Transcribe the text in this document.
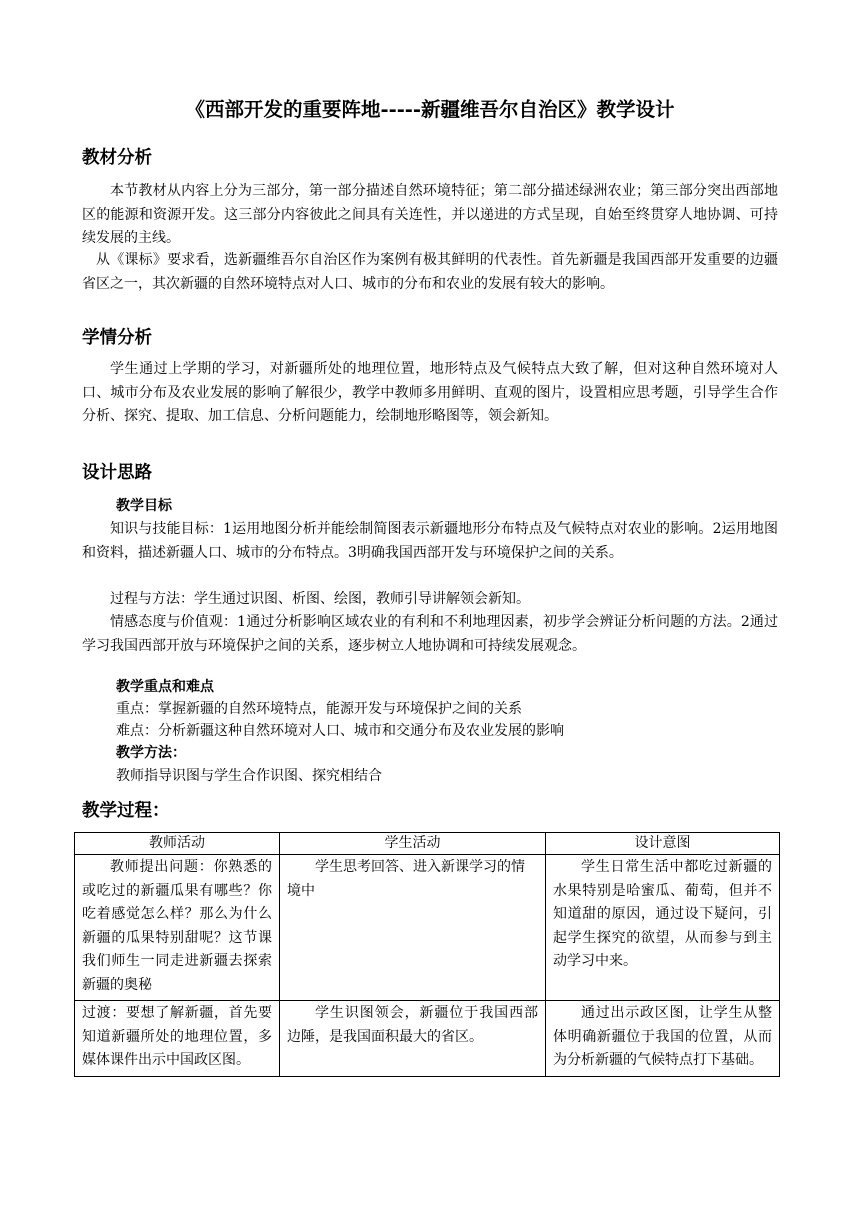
《西部开发的重要阵地-----新疆维吾尔自治区》教学设计
教材分析

本节教材从内容上分为三部分，第一部分描述自然环境特征；第二部分描述绿洲农业；第三部分突出西部地区的能源和资源开发。这三部分内容彼此之间具有关连性，并以递进的方式呈现，自始至终贯穿人地协调、可持续发展的主线。

从《课标》要求看，选新疆维吾尔自治区作为案例有极其鲜明的代表性。首先新疆是我国西部开发重要的边疆省区之一，其次新疆的自然环境特点对人口、城市的分布和农业的发展有较大的影响。

学情分析

学生通过上学期的学习，对新疆所处的地理位置，地形特点及气候特点大致了解，但对这种自然环境对人口、城市分布及农业发展的影响了解很少，教学中教师多用鲜明、直观的图片，设置相应思考题，引导学生合作分析、探究、提取、加工信息、分析问题能力，绘制地形略图等，领会新知。

设计思路
教学目标

知识与技能目标：1运用地图分析并能绘制简图表示新疆地形分布特点及气候特点对农业的影响。2运用地图和资料，描述新疆人口、城市的分布特点。3明确我国西部开发与环境保护之间的关系。

过程与方法：学生通过识图、析图、绘图，教师引导讲解领会新知。

情感态度与价值观：1通过分析影响区域农业的有利和不利地理因素，初步学会辨证分析问题的方法。2通过学习我国西部开放与环境保护之间的关系，逐步树立人地协调和可持续发展观念。

教学重点和难点
重点：掌握新疆的自然环境特点，能源开发与环境保护之间的关系
难点：分析新疆这种自然环境对人口、城市和交通分布及农业发展的影响
教学方法：
教师指导识图与学生合作识图、探究相结合
教学过程：
教师活动	学生活动	设计意图
教师提出问题：你熟悉的或吃过的新疆瓜果有哪些？你吃着感觉怎么样？那么为什么新疆的瓜果特别甜呢？这节课我们师生一同走进新疆去探索新疆的奥秘	学生思考回答、进入新课学习的情境中	学生日常生活中都吃过新疆的水果特别是哈蜜瓜、葡萄，但并不知道甜的原因，通过设下疑问，引起学生探究的欲望，从而参与到主动学习中来。
过渡：要想了解新疆，首先要知道新疆所处的地理位置，多媒体课件出示中国政区图。	学生识图领会，新疆位于我国西部边陲，是我国面积最大的省区。	通过出示政区图，让学生从整体明确新疆位于我国的位置，从而为分析新疆的气候特点打下基础。
